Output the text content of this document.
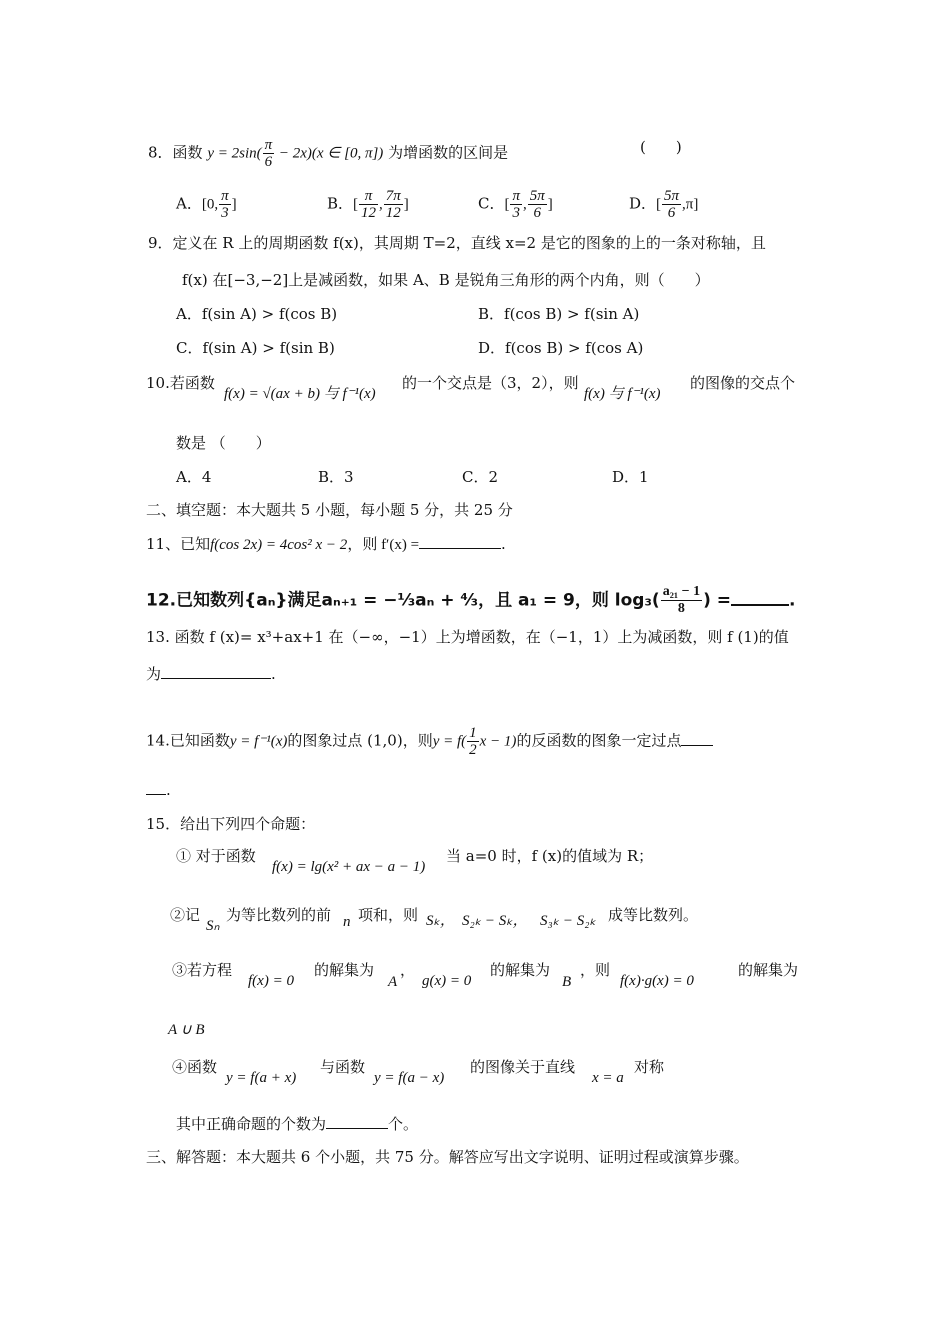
8．函数 $y = 2\sin( \frac{\pi}{6} - 2x)(x$ ∈ [0, π]) 为增函数的区间是	(　　)
A．[0, $\frac{\pi}{3}$ ]	B．[ $\frac{\pi}{12}$ , $\frac{7\pi}{12}$ ]	C．[ $\frac{\pi}{3}$ , $\frac{5\pi}{6}$ ]	D．[ $\frac{5\pi}{6} ,\pi$]
9．定义在 R 上的周期函数 f(x)，其周期 T=2，直线 x=2 是它的图象的上的一条对称轴，且
f(x) 在[−3,−2]上是减函数，如果 A、B 是锐角三角形的两个内角，则（　　）
A．f(sin A) > f(cos B)	B．f(cos B) > f(sin A)
C．f(sin A) > f(sin B)	D．f(cos B) > f(cos A)
10.若函数
f(x) = √(ax + b) 与 f⁻¹(x)
的一个交点是（3，2），则
f(x) 与 f⁻¹(x)
的图像的交点个
数是 （　　）
A．4	B．3	C．2	D．1
二、填空题：本大题共 5 小题，每小题 5 分，共 25 分
11、已知f(cos 2x) = 4cos² x − 2，则 f′(x) =	.
12.已知数列{aₙ}满足aₙ₊₁ = −⅓aₙ + ⁴⁄₃，且 a₁ = 9，则 $\log_3( \frac{\text{a₂₁ − 1}}{8}$ ) =	.
13. 函数 f (x)= x³+ax+1 在（−∞，−1）上为增函数，在（−1，1）上为减函数，则 f (1)的值
为	.
14.已知函数y = f⁻¹(x)的图象过点 (1,0)，则$y = f( \frac{1}{2}$ x − 1)的反函数的图象一定过点
.
15．给出下列四个命题：
① 对于函数
f(x) = lg(x² + ax − a − 1)
当 a=0 时，f (x)的值域为 R；
②记
Sₙ
为等比数列的前 n 项和，则 Sₖ， S₂ₖ − Sₖ， S₃ₖ − S₂ₖ 成等比数列。
③若方程
f(x) = 0
的解集为
A
，
g(x) = 0
的解集为
B
，则
f(x)·g(x) = 0
的解集为
A ∪ B
④函数
y = f(a + x)
与函数
y = f(a − x)
的图像关于直线
x = a
对称
其中正确命题的个数为	个。
三、解答题：本大题共 6 个小题，共 75 分。解答应写出文字说明、证明过程或演算步骤。
